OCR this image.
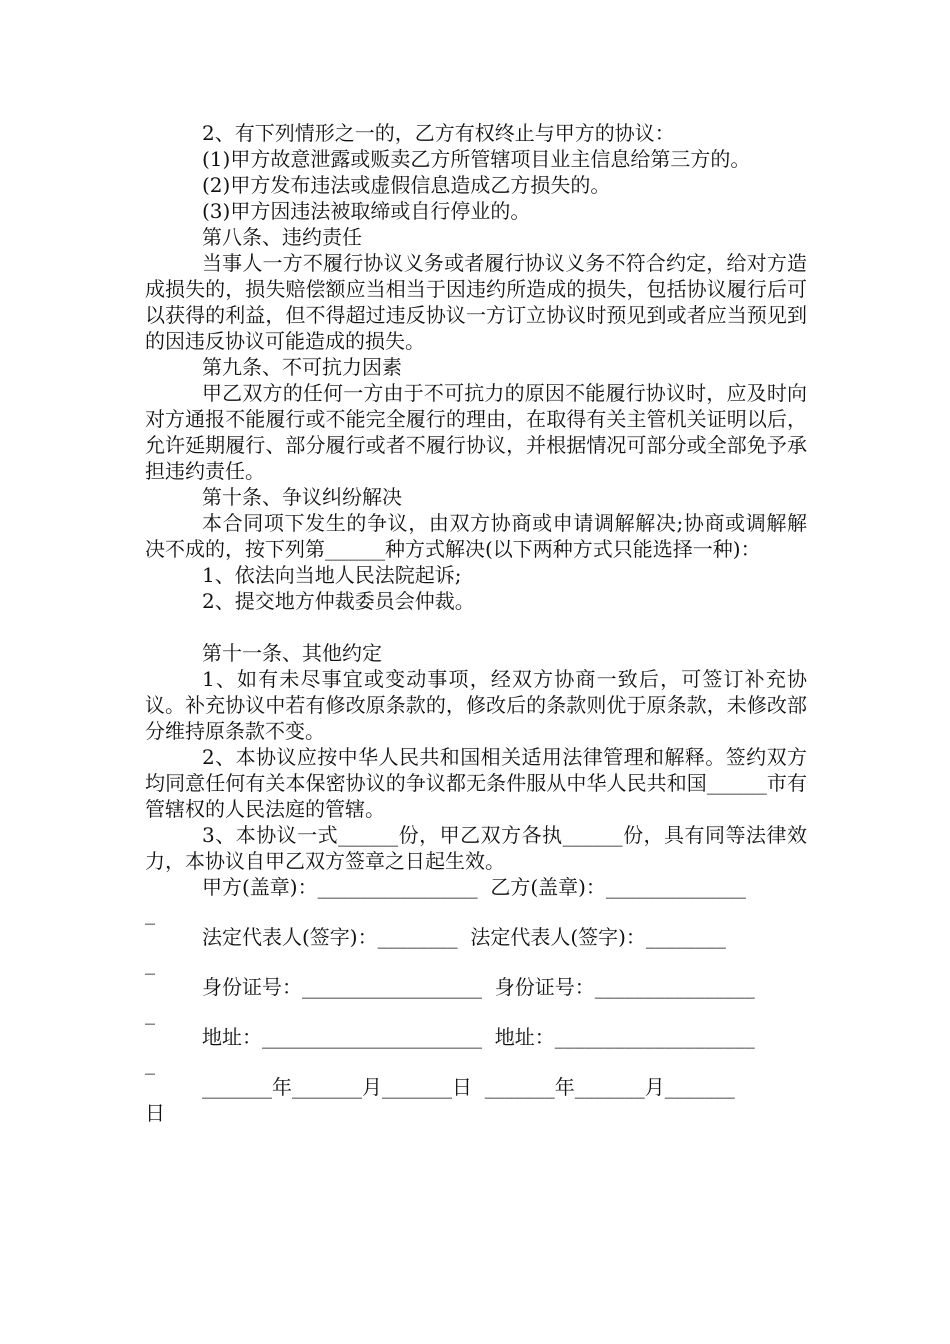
2、有下列情形之一的，乙方有权终止与甲方的协议：
(1)甲方故意泄露或贩卖乙方所管辖项目业主信息给第三方的。
(2)甲方发布违法或虚假信息造成乙方损失的。
(3)甲方因违法被取缔或自行停业的。
第八条、违约责任
当事人一方不履行协议义务或者履行协议义务不符合约定，给对方造成损失的，损失赔偿额应当相当于因违约所造成的损失，包括协议履行后可以获得的利益，但不得超过违反协议一方订立协议时预见到或者应当预见到的因违反协议可能造成的损失。
第九条、不可抗力因素
甲乙双方的任何一方由于不可抗力的原因不能履行协议时，应及时向对方通报不能履行或不能完全履行的理由，在取得有关主管机关证明以后，允许延期履行、部分履行或者不履行协议，并根据情况可部分或全部免予承担违约责任。
第十条、争议纠纷解决
本合同项下发生的争议，由双方协商或申请调解解决;协商或调解解决不成的，按下列第______种方式解决(以下两种方式只能选择一种)：
1、依法向当地人民法院起诉;
2、提交地方仲裁委员会仲裁。
第十一条、其他约定
1、如有未尽事宜或变动事项，经双方协商一致后，可签订补充协议。补充协议中若有修改原条款的，修改后的条款则优于原条款，未修改部分维持原条款不变。
2、本协议应按中华人民共和国相关适用法律管理和解释。签约双方均同意任何有关本保密协议的争议都无条件服从中华人民共和国______市有管辖权的人民法庭的管辖。
3、本协议一式______份，甲乙双方各执______份，具有同等法律效力，本协议自甲乙双方签章之日起生效。
甲方(盖章)：________________  乙方(盖章)：______________
_
法定代表人(签字)：________  法定代表人(签字)：________
_
身份证号：__________________  身份证号：________________
_
地址：______________________  地址：____________________
_
_______年_______月_______日  _______年_______月_______
日
